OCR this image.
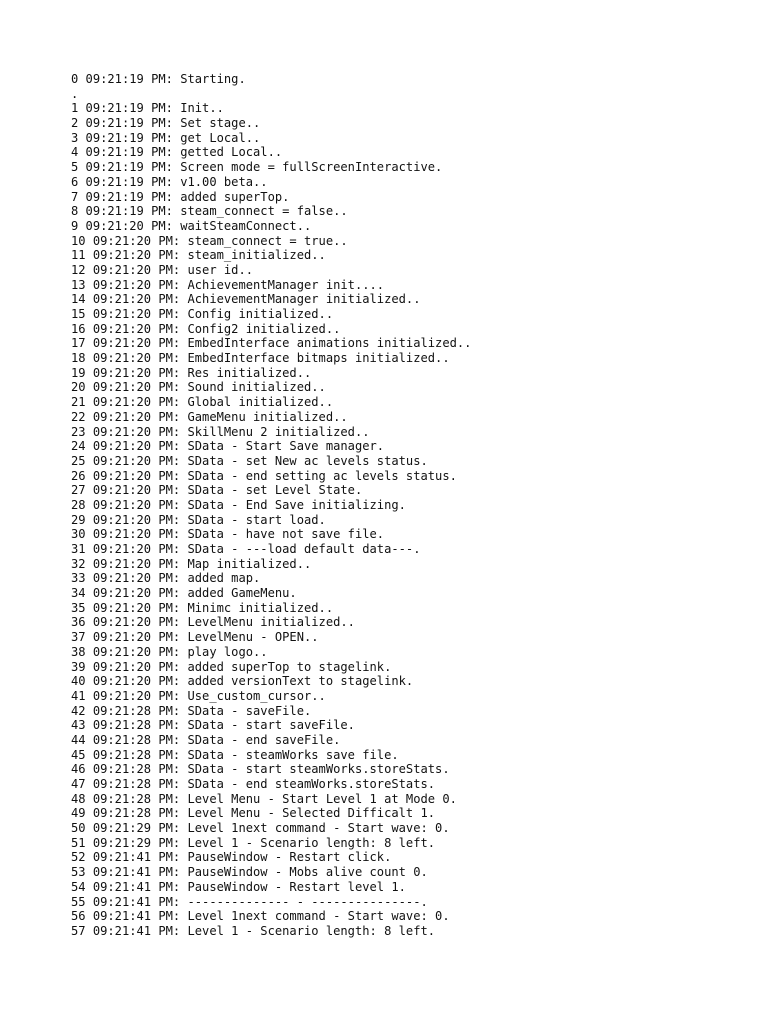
0 09:21:19 PM: Starting.
.
1 09:21:19 PM: Init..
2 09:21:19 PM: Set stage..
3 09:21:19 PM: get Local..
4 09:21:19 PM: getted Local..
5 09:21:19 PM: Screen mode = fullScreenInteractive.
6 09:21:19 PM: v1.00 beta..
7 09:21:19 PM: added superTop.
8 09:21:19 PM: steam_connect = false..
9 09:21:20 PM: waitSteamConnect..
10 09:21:20 PM: steam_connect = true..
11 09:21:20 PM: steam_initialized..
12 09:21:20 PM: user id..
13 09:21:20 PM: AchievementManager init....
14 09:21:20 PM: AchievementManager initialized..
15 09:21:20 PM: Config initialized..
16 09:21:20 PM: Config2 initialized..
17 09:21:20 PM: EmbedInterface animations initialized..
18 09:21:20 PM: EmbedInterface bitmaps initialized..
19 09:21:20 PM: Res initialized..
20 09:21:20 PM: Sound initialized..
21 09:21:20 PM: Global initialized..
22 09:21:20 PM: GameMenu initialized..
23 09:21:20 PM: SkillMenu 2 initialized..
24 09:21:20 PM: SData - Start Save manager.
25 09:21:20 PM: SData - set New ac levels status.
26 09:21:20 PM: SData - end setting ac levels status.
27 09:21:20 PM: SData - set Level State.
28 09:21:20 PM: SData - End Save initializing.
29 09:21:20 PM: SData - start load.
30 09:21:20 PM: SData - have not save file.
31 09:21:20 PM: SData - ---load default data---.
32 09:21:20 PM: Map initialized..
33 09:21:20 PM: added map.
34 09:21:20 PM: added GameMenu.
35 09:21:20 PM: Minimc initialized..
36 09:21:20 PM: LevelMenu initialized..
37 09:21:20 PM: LevelMenu - OPEN..
38 09:21:20 PM: play logo..
39 09:21:20 PM: added superTop to stagelink.
40 09:21:20 PM: added versionText to stagelink.
41 09:21:20 PM: Use_custom_cursor..
42 09:21:28 PM: SData - saveFile.
43 09:21:28 PM: SData - start saveFile.
44 09:21:28 PM: SData - end saveFile.
45 09:21:28 PM: SData - steamWorks save file.
46 09:21:28 PM: SData - start steamWorks.storeStats.
47 09:21:28 PM: SData - end steamWorks.storeStats.
48 09:21:28 PM: Level Menu - Start Level 1 at Mode 0.
49 09:21:28 PM: Level Menu - Selected Difficalt 1.
50 09:21:29 PM: Level 1next command - Start wave: 0.
51 09:21:29 PM: Level 1 - Scenario length: 8 left.
52 09:21:41 PM: PauseWindow - Restart click.
53 09:21:41 PM: PauseWindow - Mobs alive count 0.
54 09:21:41 PM: PauseWindow - Restart level 1.
55 09:21:41 PM: -------------- - ---------------.
56 09:21:41 PM: Level 1next command - Start wave: 0.
57 09:21:41 PM: Level 1 - Scenario length: 8 left.
